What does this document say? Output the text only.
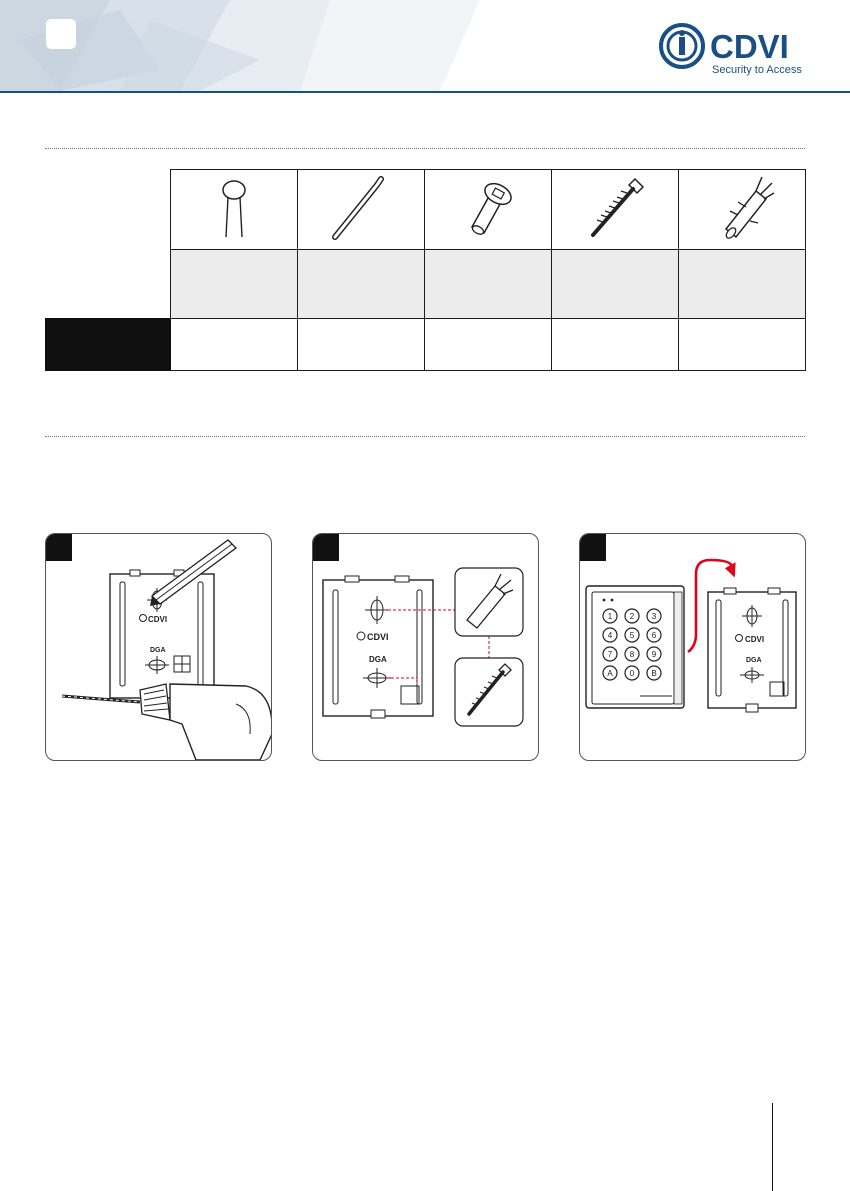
CDVI
Security to Access

CDVI
DGA
CDVI
DGA
1 2 3
4 5 6
7 8 9
A 0 B
CDVI
DGA
